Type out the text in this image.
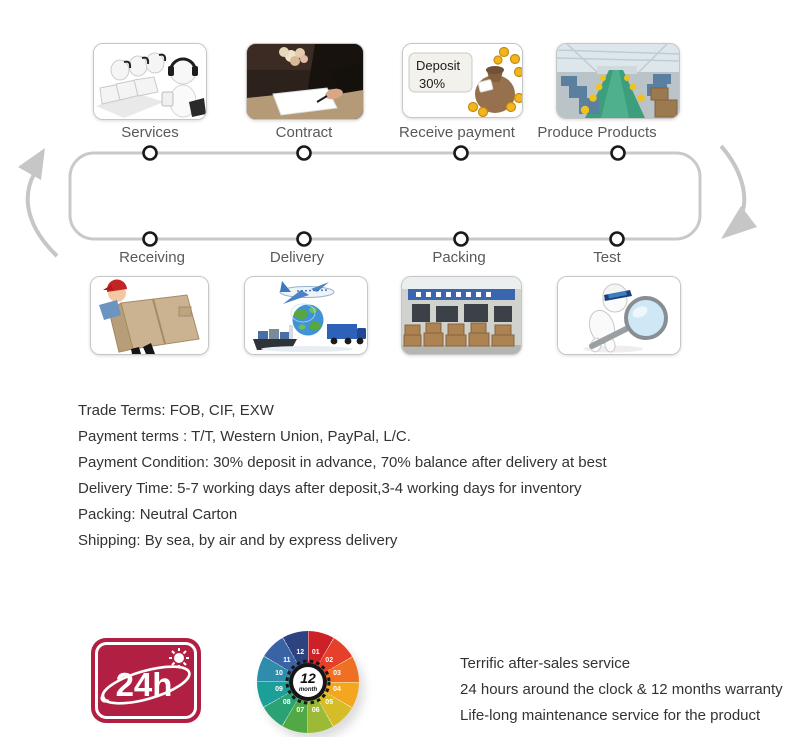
Deposit
30%
Services	Contract	Receive payment Produce Products
Receiving	Delivery	Packing	Test
Trade Terms: FOB, CIF, EXW
Payment terms : T/T, Western Union, PayPal, L/C.
Payment Condition: 30% deposit in advance, 70% balance after delivery at best
Delivery Time: 5-7 working days after deposit,3-4 working days for inventory
Packing: Neutral Carton
Shipping: By sea, by air and by express delivery
24h
01
02
03
04
05
06
07
08
09
10
11
12
12
month
Terrific after-sales service
24 hours around the clock & 12 months warranty
Life-long maintenance service for the product
